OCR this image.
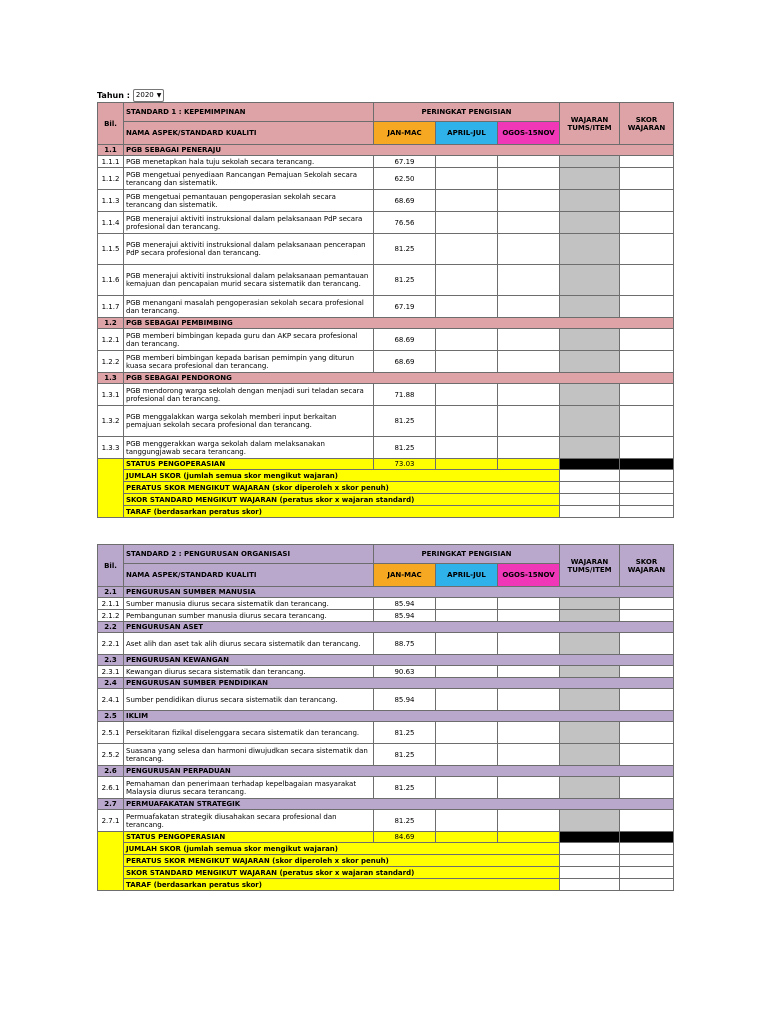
Tahun : 2020 ▼
Bil.	STANDARD 1 : KEPEMIMPINAN	PERINGKAT PENGISIAN			WAJARAN TUMS/ITEM	SKOR WAJARAN
	NAMA ASPEK/STANDARD KUALITI	JAN-MAC	APRIL-JUL	OGOS-15NOV		
1.1	PGB SEBAGAI PENERAJU					
1.1.1	PGB menetapkan hala tuju sekolah secara terancang.	67.19				
1.1.2	PGB mengetuai penyediaan Rancangan Pemajuan Sekolah secara terancang dan sistematik.	62.50				
1.1.3	PGB mengetuai pemantauan pengoperasian sekolah secara terancang dan sistematik.	68.69				
1.1.4	PGB menerajui aktiviti instruksional dalam pelaksanaan PdP secara profesional dan terancang.	76.56				
1.1.5	PGB menerajui aktiviti instruksional dalam pelaksanaan pencerapan PdP secara profesional dan terancang.	81.25				
1.1.6	PGB menerajui aktiviti instruksional dalam pelaksanaan pemantauan kemajuan dan pencapaian murid secara sistematik dan terancang.	81.25				
1.1.7	PGB menangani masalah pengoperasian sekolah secara profesional dan terancang.	67.19				
1.2	PGB SEBAGAI PEMBIMBING					
1.2.1	PGB memberi bimbingan kepada guru dan AKP secara profesional dan terancang.	68.69				
1.2.2	PGB memberi bimbingan kepada barisan pemimpin yang diturun kuasa secara profesional dan terancang.	68.69				
1.3	PGB SEBAGAI PENDORONG					
1.3.1	PGB mendorong warga sekolah dengan menjadi suri teladan secara profesional dan terancang.	71.88				
1.3.2	PGB menggalakkan warga sekolah memberi input berkaitan pemajuan sekolah secara profesional dan terancang.	81.25				
1.3.3	PGB menggerakkan warga sekolah dalam melaksanakan tanggungjawab secara terancang.	81.25				
	STATUS PENGOPERASIAN	73.03				
	JUMLAH SKOR (jumlah semua skor mengikut wajaran)					
	PERATUS SKOR MENGIKUT WAJARAN (skor diperoleh x skor penuh)					
	SKOR STANDARD MENGIKUT WAJARAN (peratus skor x wajaran standard)					
	TARAF (berdasarkan peratus skor)					
Bil.	STANDARD 2 : PENGURUSAN ORGANISASI	PERINGKAT PENGISIAN			WAJARAN TUMS/ITEM	SKOR WAJARAN
	NAMA ASPEK/STANDARD KUALITI	JAN-MAC	APRIL-JUL	OGOS-15NOV		
2.1	PENGURUSAN SUMBER MANUSIA					
2.1.1	Sumber manusia diurus secara sistematik dan terancang.	85.94				
2.1.2	Pembangunan sumber manusia diurus secara terancang.	85.94				
2.2	PENGURUSAN ASET					
2.2.1	Aset alih dan aset tak alih diurus secara sistematik dan terancang.	88.75				
2.3	PENGURUSAN KEWANGAN					
2.3.1	Kewangan diurus secara sistematik dan terancang.	90.63				
2.4	PENGURUSAN SUMBER PENDIDIKAN					
2.4.1	Sumber pendidikan diurus secara sistematik dan terancang.	85.94				
2.5	IKLIM					
2.5.1	Persekitaran fizikal diselenggara secara sistematik dan terancang.	81.25				
2.5.2	Suasana yang selesa dan harmoni diwujudkan secara sistematik dan terancang.	81.25				
2.6	PENGURUSAN PERPADUAN					
2.6.1	Pemahaman dan penerimaan terhadap kepelbagaian masyarakat Malaysia diurus secara terancang.	81.25				
2.7	PERMUAFAKATAN STRATEGIK					
2.7.1	Permuafakatan strategik diusahakan secara profesional dan terancang.	81.25				
	STATUS PENGOPERASIAN	84.69				
	JUMLAH SKOR (jumlah semua skor mengikut wajaran)					
	PERATUS SKOR MENGIKUT WAJARAN (skor diperoleh x skor penuh)					
	SKOR STANDARD MENGIKUT WAJARAN (peratus skor x wajaran standard)					
	TARAF (berdasarkan peratus skor)					
